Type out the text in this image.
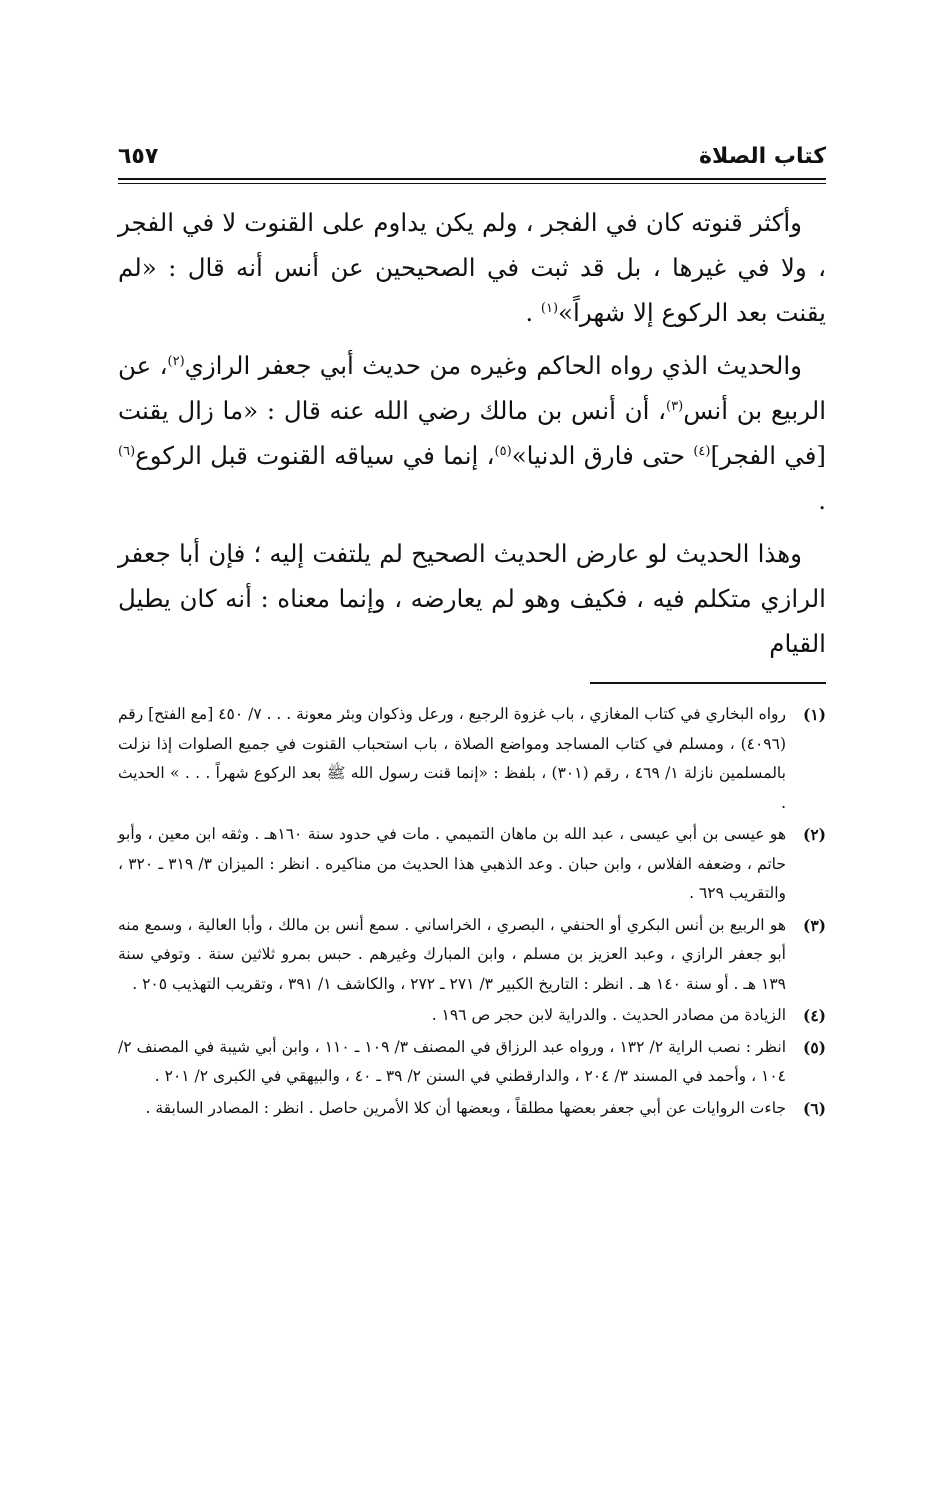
كتاب الصلاة
٦٥٧

وأكثر قنوته كان في الفجر ، ولم يكن يداوم على القنوت لا في الفجر ، ولا في غيرها ، بل قد ثبت في الصحيحين عن أنس أنه قال : «لم يقنت بعد الركوع إلا شهراً»$^{(١)}$ .

والحديث الذي رواه الحاكم وغيره من حديث أبي جعفر الرازي$^{(٢)}$، عن الربيع بن أنس$^{(٣)}$، أن أنس بن مالك رضي الله عنه قال : «ما زال يقنت [في الفجر]$^{(٤)}$ حتى فارق الدنيا»$^{(٥)}$، إنما في سياقه القنوت قبل الركوع$^{(٦)}$ .

وهذا الحديث لو عارض الحديث الصحيح لم يلتفت إليه ؛ فإن أبا جعفر الرازي متكلم فيه ، فكيف وهو لم يعارضه ، وإنما معناه : أنه كان يطيل القيام

(١)
رواه البخاري في كتاب المغازي ، باب غزوة الرجيع ، ورعل وذكوان وبئر معونة . . . ٧/ ٤٥٠ [مع الفتح] رقم (٤٠٩٦) ، ومسلم في كتاب المساجد ومواضع الصلاة ، باب استحباب القنوت في جميع الصلوات إذا نزلت بالمسلمين نازلة ١/ ٤٦٩ ، رقم (٣٠١) ، بلفظ : «إنما قنت رسول الله ﷺ بعد الركوع شهراً . . . » الحديث .
(٢)
هو عيسى بن أبي عيسى ، عبد الله بن ماهان التميمي . مات في حدود سنة ١٦٠هـ . وثقه ابن معين ، وأبو حاتم ، وضعفه الفلاس ، وابن حبان . وعد الذهبي هذا الحديث من مناكيره . انظر : الميزان ٣/ ٣١٩ ـ ٣٢٠ ، والتقريب ٦٢٩ .
(٣)
هو الربيع بن أنس البكري أو الحنفي ، البصري ، الخراساني . سمع أنس بن مالك ، وأبا العالية ، وسمع منه أبو جعفر الرازي ، وعبد العزيز بن مسلم ، وابن المبارك وغيرهم . حبس بمرو ثلاثين سنة . وتوفي سنة ١٣٩ هـ . أو سنة ١٤٠ هـ . انظر : التاريخ الكبير ٣/ ٢٧١ ـ ٢٧٢ ، والكاشف ١/ ٣٩١ ، وتقريب التهذيب ٢٠٥ .
(٤)
الزيادة من مصادر الحديث . والدراية لابن حجر ص ١٩٦ .
(٥)
انظر : نصب الراية ٢/ ١٣٢ ، ورواه عبد الرزاق في المصنف ٣/ ١٠٩ ـ ١١٠ ، وابن أبي شيبة في المصنف ٢/ ١٠٤ ، وأحمد في المسند ٣/ ٢٠٤ ، والدارقطني في السنن ٢/ ٣٩ ـ ٤٠ ، والبيهقي في الكبرى ٢/ ٢٠١ .
(٦)
جاءت الروايات عن أبي جعفر بعضها مطلقاً ، وبعضها أن كلا الأمرين حاصل . انظر : المصادر السابقة .
